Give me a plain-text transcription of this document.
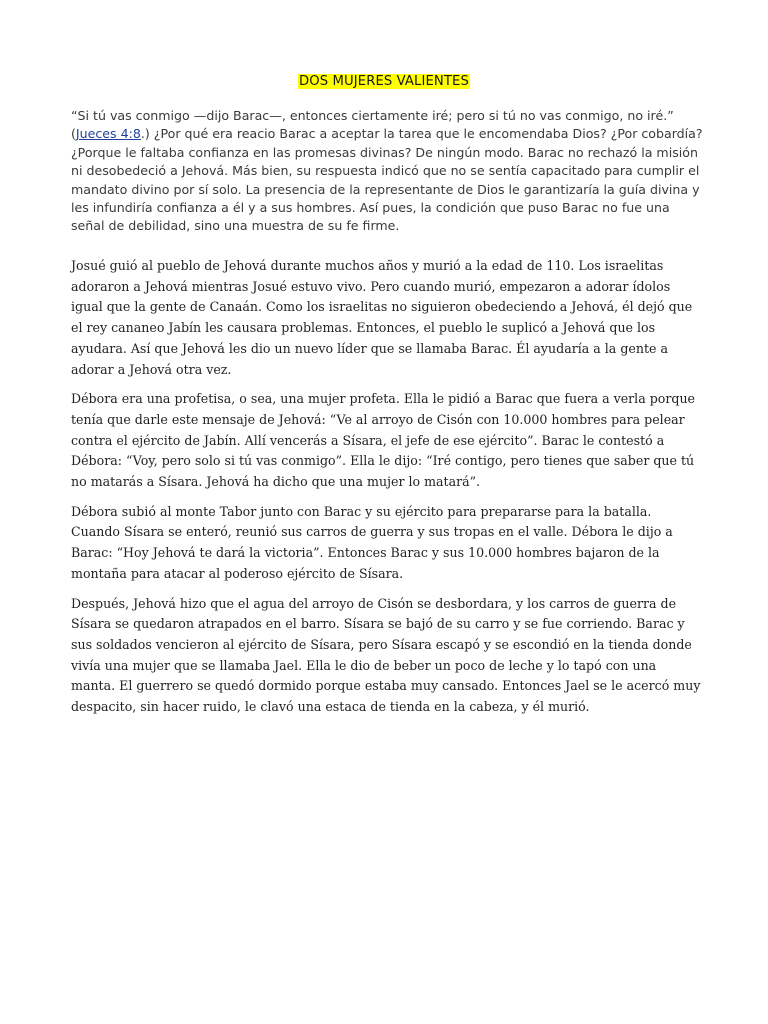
DOS MUJERES VALIENTES

“Si tú vas conmigo —dijo Barac—, entonces ciertamente iré; pero si tú no vas conmigo, no iré.” (Jueces 4:8.) ¿Por qué era reacio Barac a aceptar la tarea que le encomendaba Dios? ¿Por cobardía? ¿Porque le faltaba confianza en las promesas divinas? De ningún modo. Barac no rechazó la misión ni desobedeció a Jehová. Más bien, su respuesta indicó que no se sentía capacitado para cumplir el mandato divino por sí solo. La presencia de la representante de Dios le garantizaría la guía divina y les infundiría confianza a él y a sus hombres. Así pues, la condición que puso Barac no fue una señal de debilidad, sino una muestra de su fe firme.

Josué guió al pueblo de Jehová durante muchos años y murió a la edad de 110. Los israelitas adoraron a Jehová mientras Josué estuvo vivo. Pero cuando murió, empezaron a adorar ídolos igual que la gente de Canaán. Como los israelitas no siguieron obedeciendo a Jehová, él dejó que el rey cananeo Jabín les causara problemas. Entonces, el pueblo le suplicó a Jehová que los ayudara. Así que Jehová les dio un nuevo líder que se llamaba Barac. Él ayudaría a la gente a adorar a Jehová otra vez.

Débora era una profetisa, o sea, una mujer profeta. Ella le pidió a Barac que fuera a verla porque tenía que darle este mensaje de Jehová: “Ve al arroyo de Cisón con 10.000 hombres para pelear contra el ejército de Jabín. Allí vencerás a Sísara, el jefe de ese ejército”. Barac le contestó a Débora: “Voy, pero solo si tú vas conmigo”. Ella le dijo: “Iré contigo, pero tienes que saber que tú no matarás a Sísara. Jehová ha dicho que una mujer lo matará”.

Débora subió al monte Tabor junto con Barac y su ejército para prepararse para la batalla. Cuando Sísara se enteró, reunió sus carros de guerra y sus tropas en el valle. Débora le dijo a Barac: “Hoy Jehová te dará la victoria”. Entonces Barac y sus 10.000 hombres bajaron de la montaña para atacar al poderoso ejército de Sísara.

Después, Jehová hizo que el agua del arroyo de Cisón se desbordara, y los carros de guerra de Sísara se quedaron atrapados en el barro. Sísara se bajó de su carro y se fue corriendo. Barac y sus soldados vencieron al ejército de Sísara, pero Sísara escapó y se escondió en la tienda donde vivía una mujer que se llamaba Jael. Ella le dio de beber un poco de leche y lo tapó con una manta. El guerrero se quedó dormido porque estaba muy cansado. Entonces Jael se le acercó muy despacito, sin hacer ruido, le clavó una estaca de tienda en la cabeza, y él murió.
